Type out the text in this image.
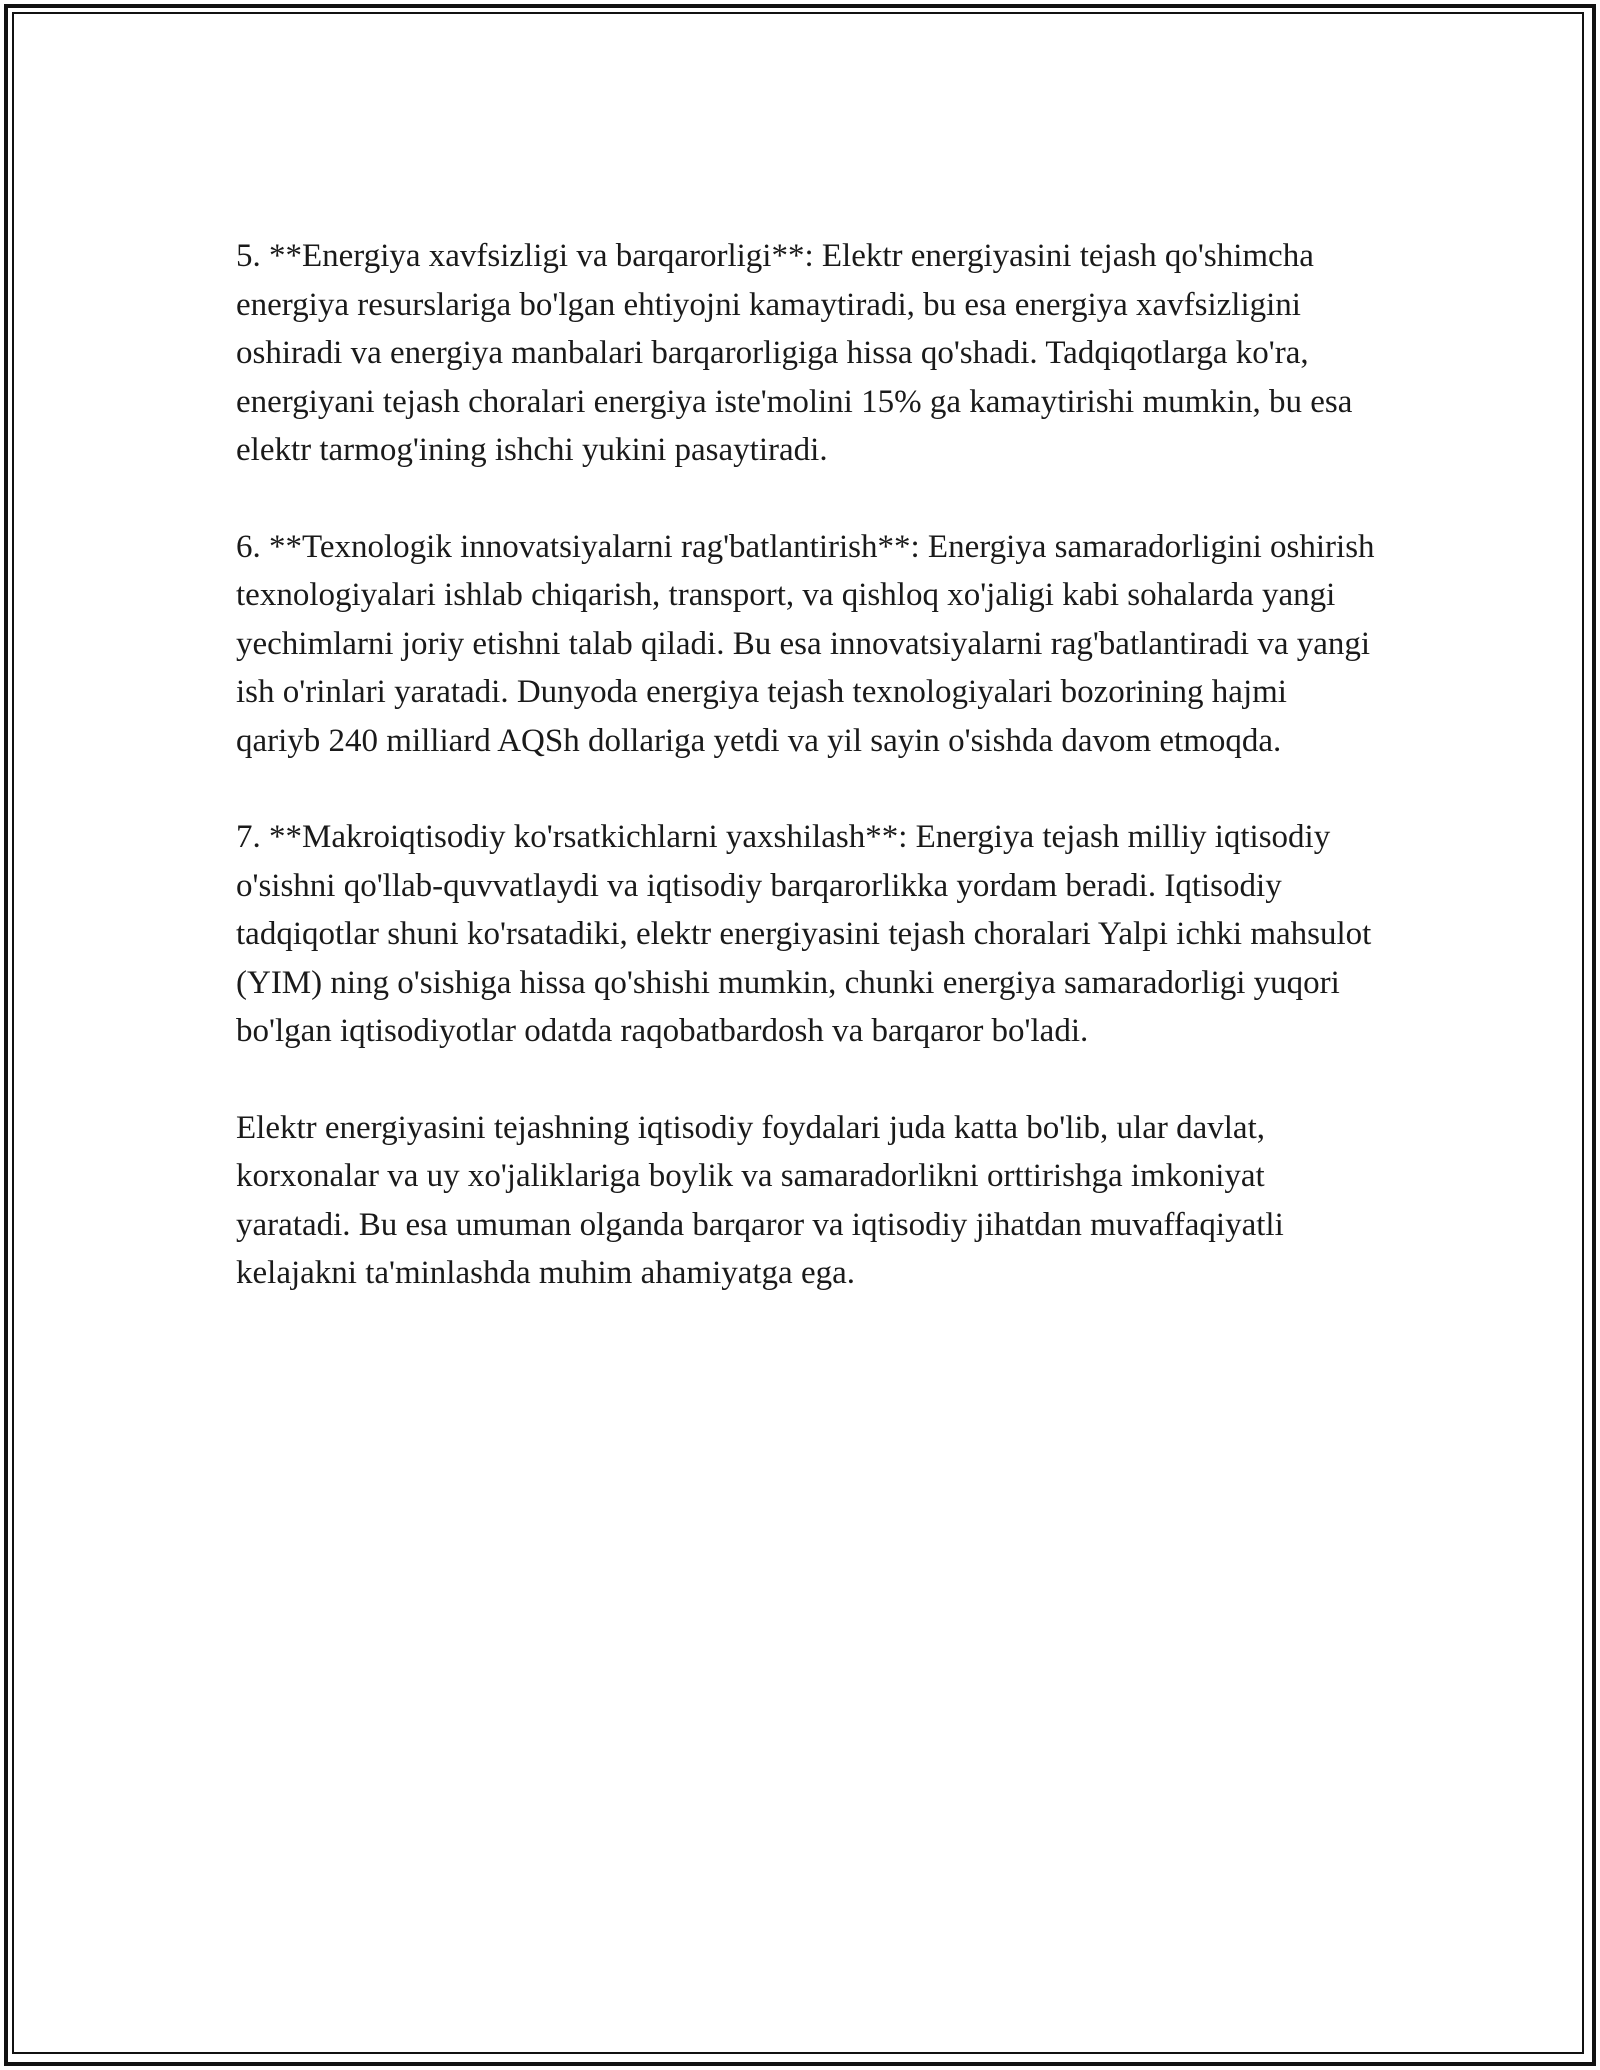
5. **Energiya xavfsizligi va barqarorligi**: Elektr energiyasini tejash qo'shimcha energiya resurslariga bo'lgan ehtiyojni kamaytiradi, bu esa energiya xavfsizligini oshiradi va energiya manbalari barqarorligiga hissa qo'shadi. Tadqiqotlarga ko'ra, energiyani tejash choralari energiya iste'molini 15% ga kamaytirishi mumkin, bu esa elektr tarmog'ining ishchi yukini pasaytiradi.

6. **Texnologik innovatsiyalarni rag'batlantirish**: Energiya samaradorligini oshirish texnologiyalari ishlab chiqarish, transport, va qishloq xo'jaligi kabi sohalarda yangi yechimlarni joriy etishni talab qiladi. Bu esa innovatsiyalarni rag'batlantiradi va yangi ish o'rinlari yaratadi. Dunyoda energiya tejash texnologiyalari bozorining hajmi qariyb 240 milliard AQSh dollariga yetdi va yil sayin o'sishda davom etmoqda.

7. **Makroiqtisodiy ko'rsatkichlarni yaxshilash**: Energiya tejash milliy iqtisodiy o'sishni qo'llab-quvvatlaydi va iqtisodiy barqarorlikka yordam beradi. Iqtisodiy tadqiqotlar shuni ko'rsatadiki, elektr energiyasini tejash choralari Yalpi ichki mahsulot (YIM) ning o'sishiga hissa qo'shishi mumkin, chunki energiya samaradorligi yuqori bo'lgan iqtisodiyotlar odatda raqobatbardosh va barqaror bo'ladi.

Elektr energiyasini tejashning iqtisodiy foydalari juda katta bo'lib, ular davlat, korxonalar va uy xo'jaliklariga boylik va samaradorlikni orttirishga imkoniyat yaratadi. Bu esa umuman olganda barqaror va iqtisodiy jihatdan muvaffaqiyatli kelajakni ta'minlashda muhim ahamiyatga ega.
